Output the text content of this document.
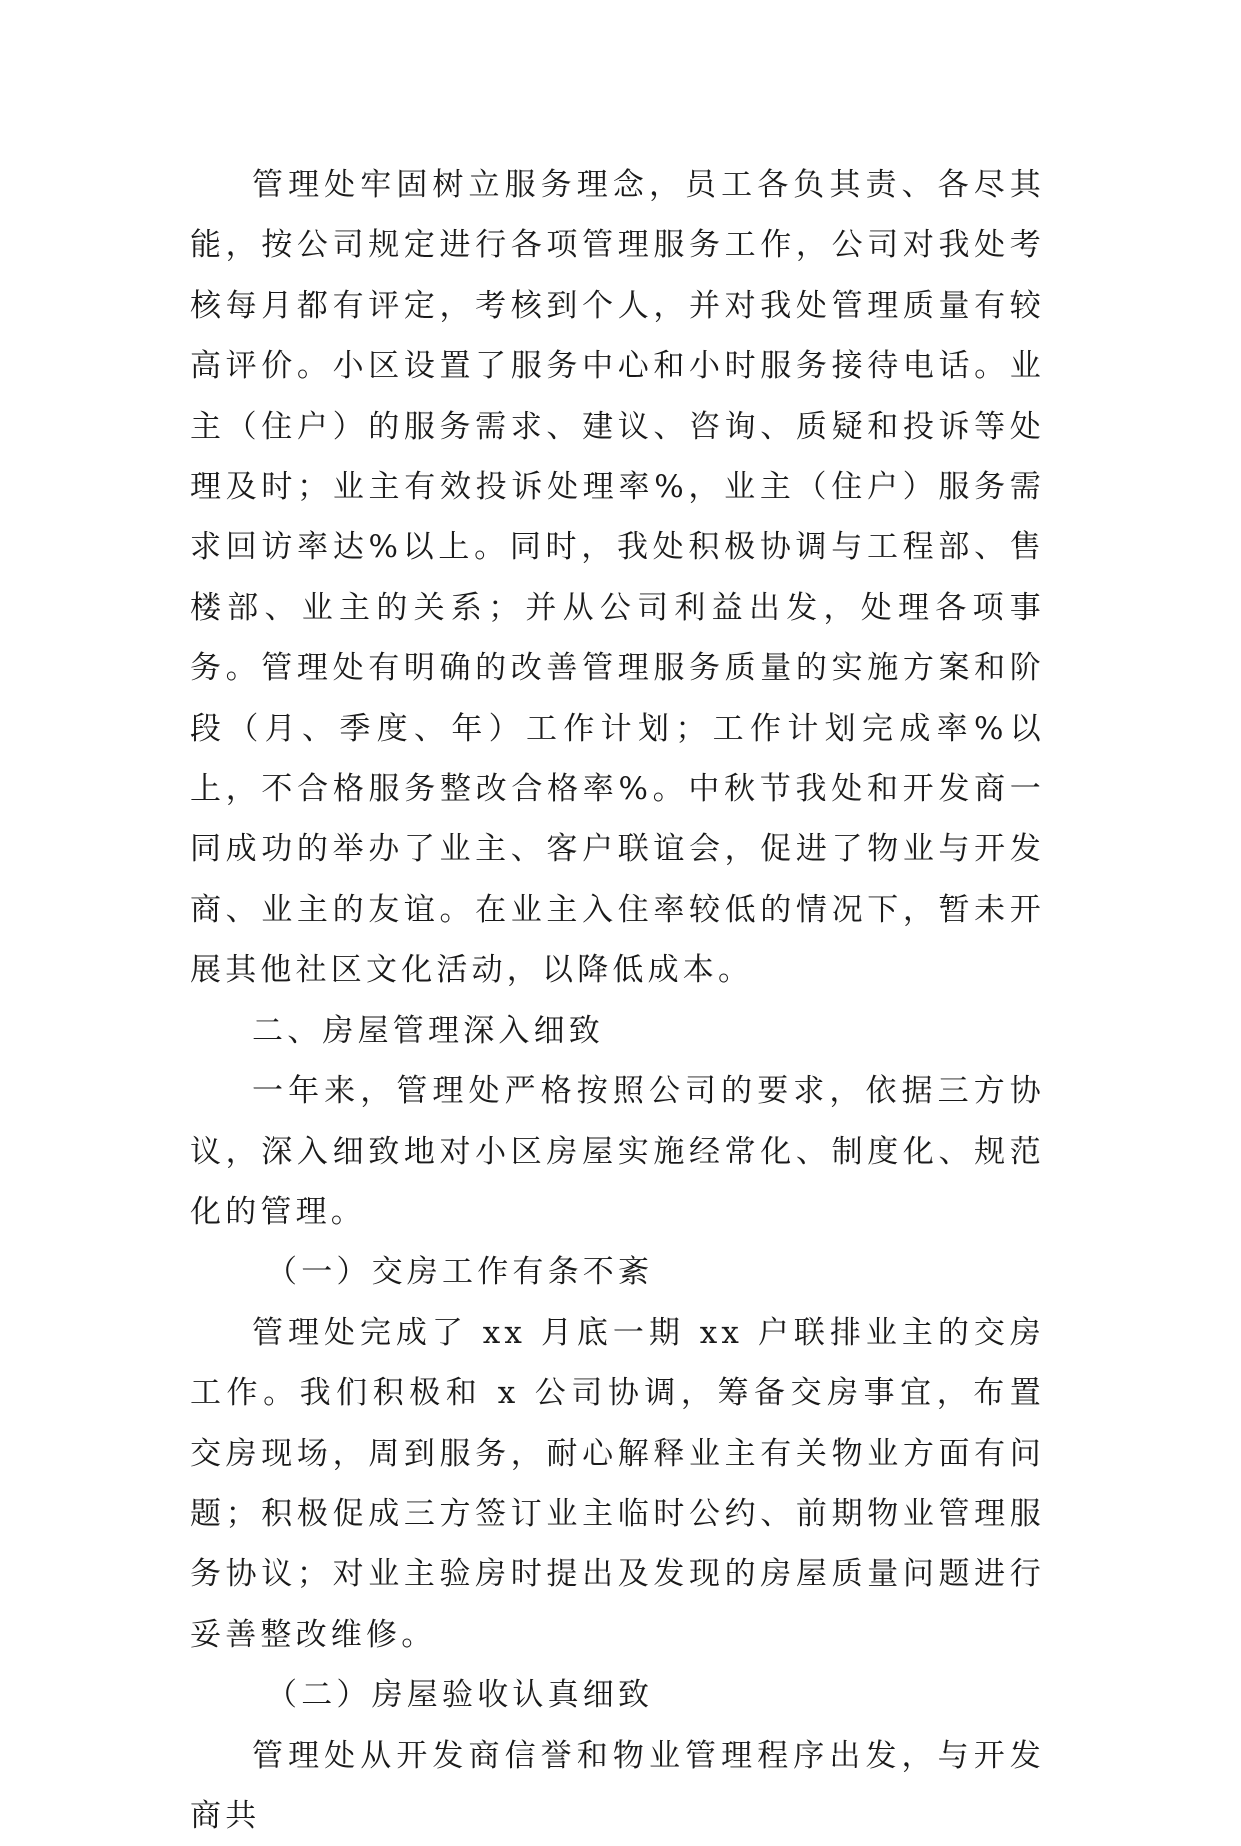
管理处牢固树立服务理念，员工各负其责、各尽其能，按公司规定进行各项管理服务工作，公司对我处考核每月都有评定，考核到个人，并对我处管理质量有较高评价。小区设置了服务中心和小时服务接待电话。业主（住户）的服务需求、建议、咨询、质疑和投诉等处理及时；业主有效投诉处理率%，业主（住户）服务需求回访率达%以上。同时，我处积极协调与工程部、售楼部、业主的关系；并从公司利益出发，处理各项事务。管理处有明确的改善管理服务质量的实施方案和阶段（月、季度、年）工作计划；工作计划完成率%以上，不合格服务整改合格率%。中秋节我处和开发商一同成功的举办了业主、客户联谊会，促进了物业与开发商、业主的友谊。在业主入住率较低的情况下，暂未开展其他社区文化活动，以降低成本。

二、房屋管理深入细致

一年来，管理处严格按照公司的要求，依据三方协议，深入细致地对小区房屋实施经常化、制度化、规范化的管理。

（一）交房工作有条不紊

管理处完成了 xx 月底一期 xx 户联排业主的交房工作。我们积极和 x 公司协调，筹备交房事宜，布置交房现场，周到服务，耐心解释业主有关物业方面有问题；积极促成三方签订业主临时公约、前期物业管理服务协议；对业主验房时提出及发现的房屋质量问题进行妥善整改维修。

（二）房屋验收认真细致

管理处从开发商信誉和物业管理程序出发，与开发商共
